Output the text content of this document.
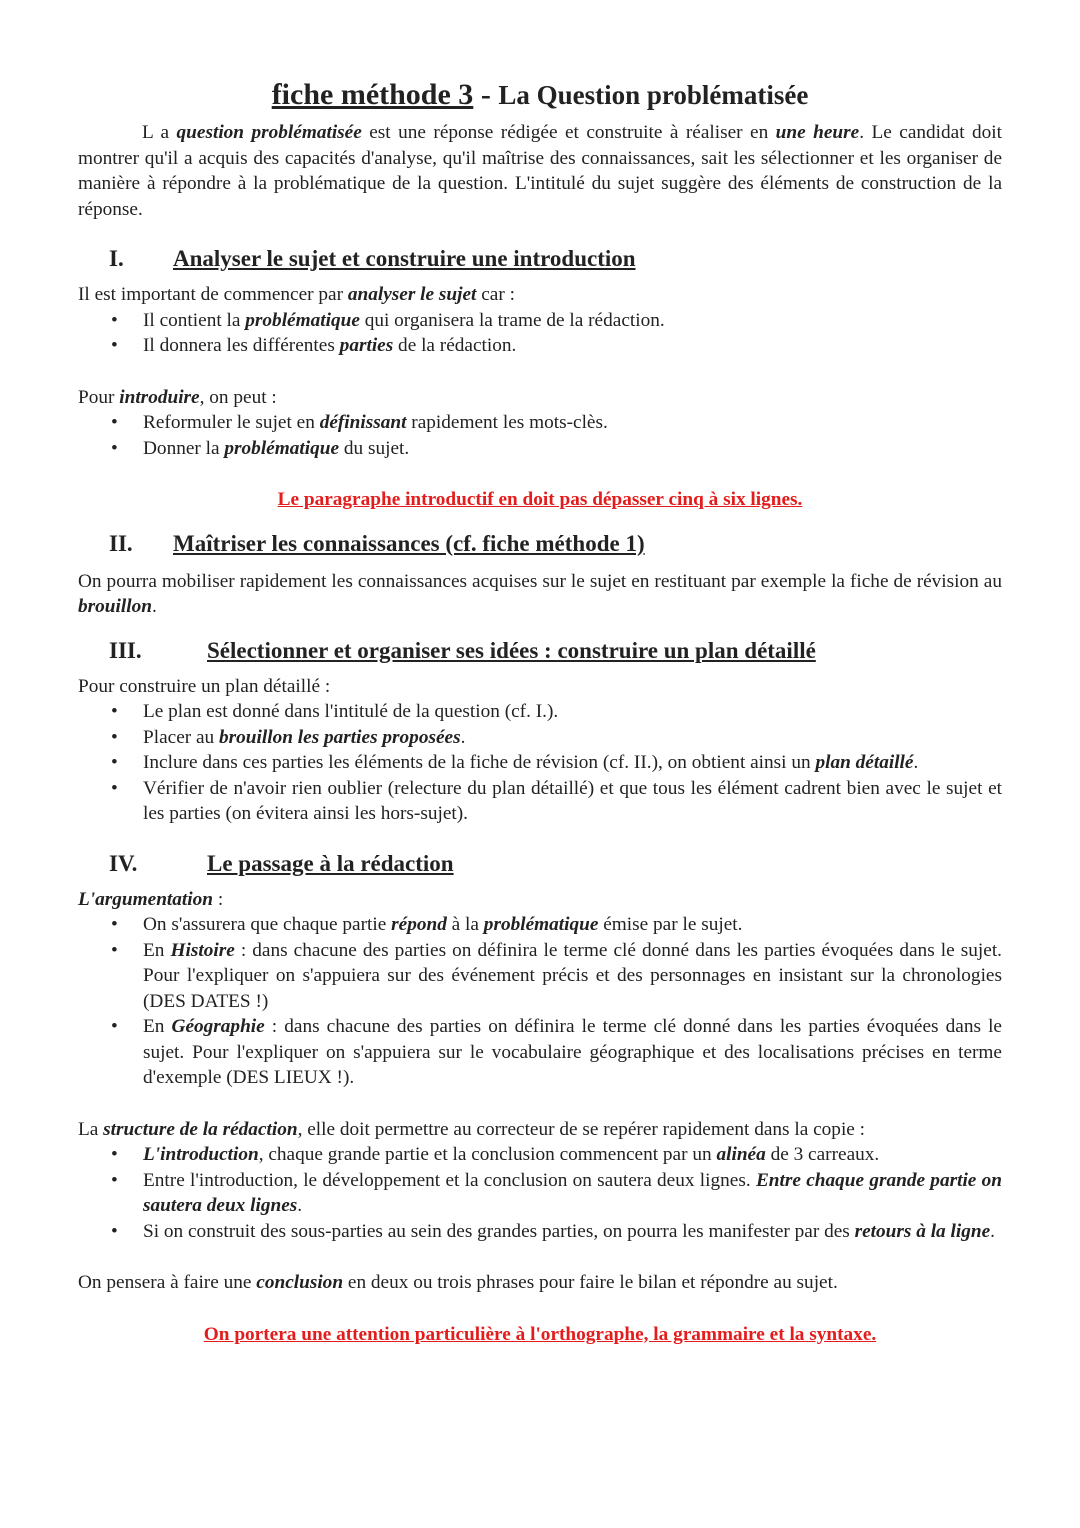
fiche méthode 3 - La Question problématisée

L a question problématisée est une réponse rédigée et construite à réaliser en une heure. Le candidat doit montrer qu'il a acquis des capacités d'analyse, qu'il maîtrise des connaissances, sait les sélectionner et les organiser de manière à répondre à la problématique de la question. L'intitulé du sujet suggère des éléments de construction de la réponse.

I.	Analyser le sujet et construire une introduction

Il est important de commencer par analyser le sujet car :

• Il contient la problématique qui organisera la trame de la rédaction.
• Il donnera les différentes parties de la rédaction.

Pour introduire, on peut :

• Reformuler le sujet en définissant rapidement les mots-clès.
• Donner la problématique du sujet.

Le paragraphe introductif en doit pas dépasser cinq à six lignes.

II.	Maîtriser les connaissances (cf. fiche méthode 1)

On pourra mobiliser rapidement les connaissances acquises sur le sujet en restituant par exemple la fiche de révision au brouillon.

III.	Sélectionner et organiser ses idées : construire un plan détaillé

Pour construire un plan détaillé :

• Le plan est donné dans l'intitulé de la question (cf. I.).
• Placer au brouillon les parties proposées.
• Inclure dans ces parties les éléments de la fiche de révision (cf. II.), on obtient ainsi un plan détaillé.
• Vérifier de n'avoir rien oublier (relecture du plan détaillé) et que tous les élément cadrent bien avec le sujet et les parties (on évitera ainsi les hors-sujet).
IV.	Le passage à la rédaction

L'argumentation :

• On s'assurera que chaque partie répond à la problématique émise par le sujet.
• En Histoire : dans chacune des parties on définira le terme clé donné dans les parties évoquées dans le sujet. Pour l'expliquer on s'appuiera sur des événement précis et des personnages en insistant sur la chronologies (DES DATES !)
• En Géographie : dans chacune des parties on définira le terme clé donné dans les parties évoquées dans le sujet. Pour l'expliquer on s'appuiera sur le vocabulaire géographique et des localisations précises en terme d'exemple (DES LIEUX !).

La structure de la rédaction, elle doit permettre au correcteur de se repérer rapidement dans la copie :

• L'introduction, chaque grande partie et la conclusion commencent par un alinéa de 3 carreaux.
• Entre l'introduction, le développement et la conclusion on sautera deux lignes. Entre chaque grande partie on sautera deux lignes.
• Si on construit des sous-parties au sein des grandes parties, on pourra les manifester par des retours à la ligne.

On pensera à faire une conclusion en deux ou trois phrases pour faire le bilan et répondre au sujet.

On portera une attention particulière à l'orthographe, la grammaire et la syntaxe.
